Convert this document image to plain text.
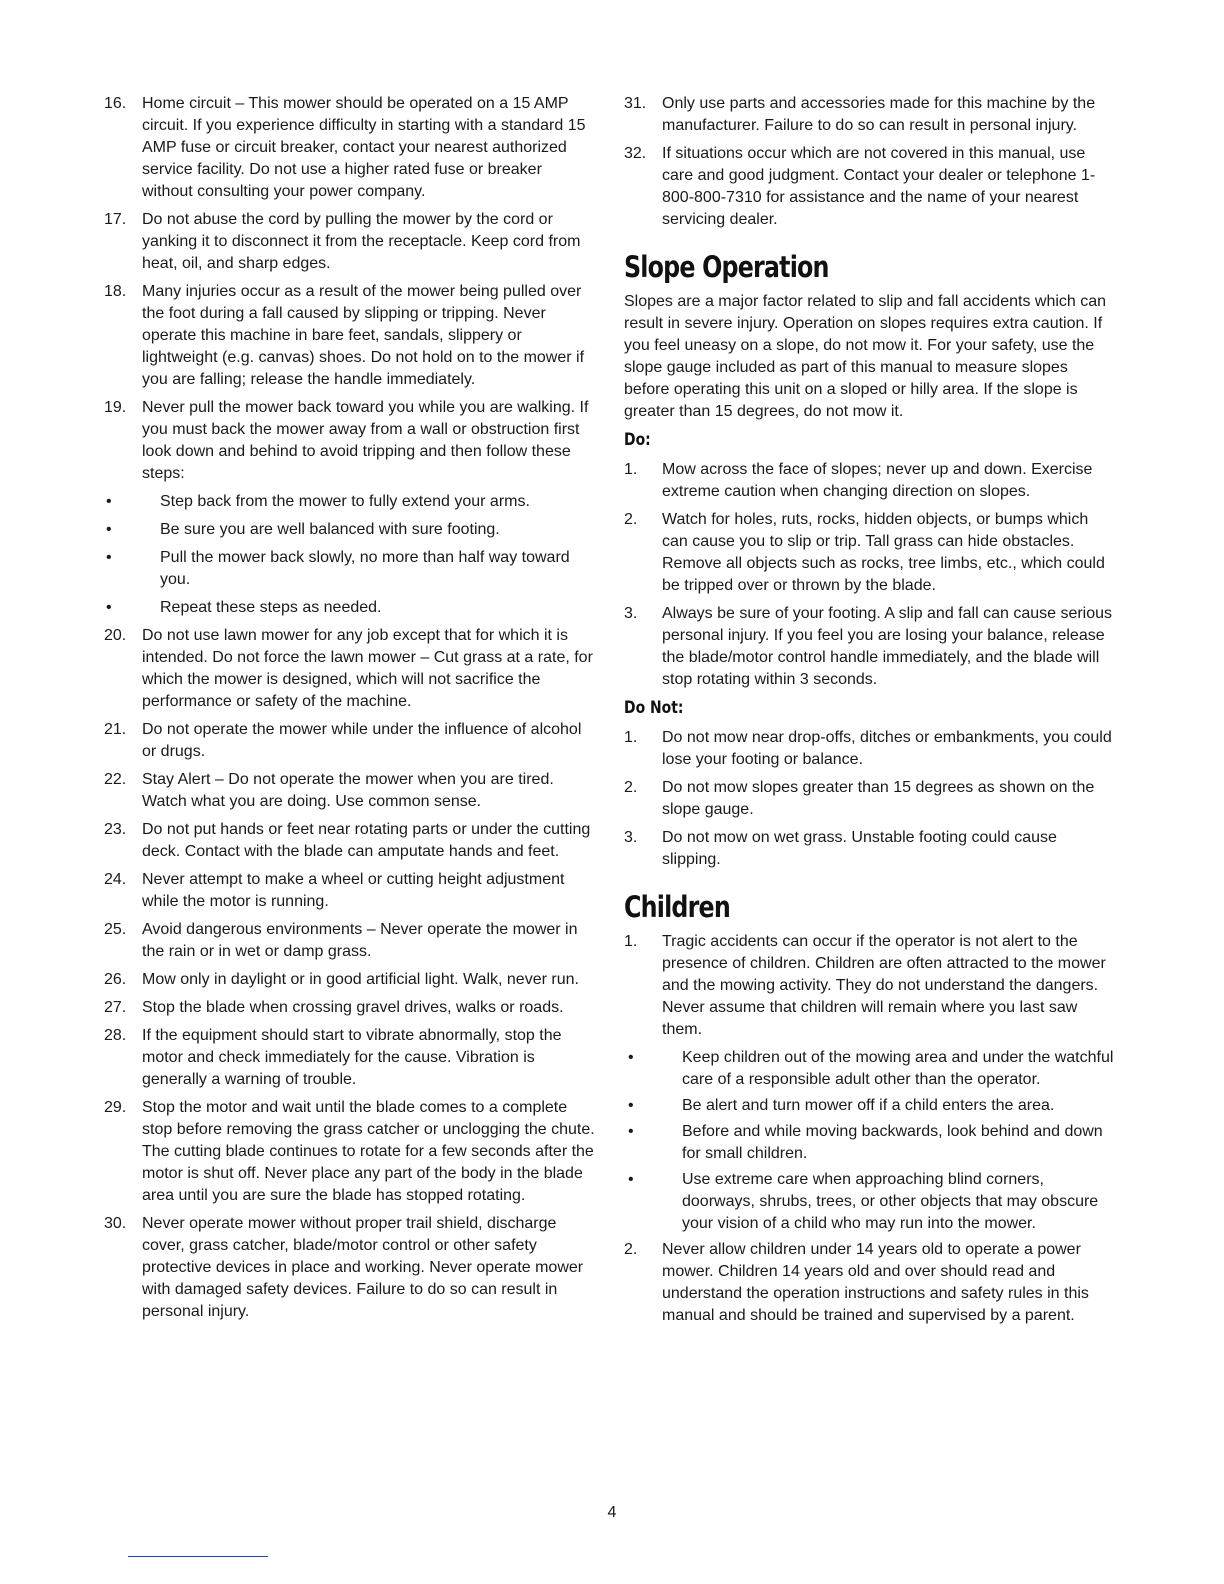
16. Home circuit – This mower should be operated on a 15 AMP circuit. If you experience difficulty in starting with a standard 15 AMP fuse or circuit breaker, contact your nearest authorized service facility. Do not use a higher rated fuse or breaker without consulting your power company.
17. Do not abuse the cord by pulling the mower by the cord or yanking it to disconnect it from the receptacle. Keep cord from heat, oil, and sharp edges.
18. Many injuries occur as a result of the mower being pulled over the foot during a fall caused by slipping or tripping. Never operate this machine in bare feet, sandals, slippery or lightweight (e.g. canvas) shoes. Do not hold on to the mower if you are falling; release the handle immediately.
19. Never pull the mower back toward you while you are walking. If you must back the mower away from a wall or obstruction first look down and behind to avoid tripping and then follow these steps:
•	Step back from the mower to fully extend your arms.
•	Be sure you are well balanced with sure footing.
•	Pull the mower back slowly, no more than half way toward you.
•	Repeat these steps as needed.
20. Do not use lawn mower for any job except that for which it is intended. Do not force the lawn mower – Cut grass at a rate, for which the mower is designed, which will not sacrifice the performance or safety of the machine.
21. Do not operate the mower while under the influence of alcohol or drugs.
22. Stay Alert – Do not operate the mower when you are tired. Watch what you are doing. Use common sense.
23. Do not put hands or feet near rotating parts or under the cutting deck. Contact with the blade can amputate hands and feet.
24. Never attempt to make a wheel or cutting height adjustment while the motor is running.
25. Avoid dangerous environments – Never operate the mower in the rain or in wet or damp grass.
26. Mow only in daylight or in good artificial light. Walk, never run.
27. Stop the blade when crossing gravel drives, walks or roads.
28. If the equipment should start to vibrate abnormally, stop the motor and check immediately for the cause. Vibration is generally a warning of trouble.
29. Stop the motor and wait until the blade comes to a complete stop before removing the grass catcher or unclogging the chute. The cutting blade continues to rotate for a few seconds after the motor is shut off. Never place any part of the body in the blade area until you are sure the blade has stopped rotating.
30. Never operate mower without proper trail shield, discharge cover, grass catcher, blade/motor control or other safety protective devices in place and working. Never operate mower with damaged safety devices. Failure to do so can result in personal injury.
31. Only use parts and accessories made for this machine by the manufacturer. Failure to do so can result in personal injury.
32. If situations occur which are not covered in this manual, use care and good judgment. Contact your dealer or telephone 1-800-800-7310 for assistance and the name of your nearest servicing dealer.
Slope Operation

Slopes are a major factor related to slip and fall accidents which can result in severe injury. Operation on slopes requires extra caution. If you feel uneasy on a slope, do not mow it. For your safety, use the slope gauge included as part of this manual to measure slopes before operating this unit on a sloped or hilly area. If the slope is greater than 15 degrees, do not mow it.

Do:
1.	Mow across the face of slopes; never up and down. Exercise extreme caution when changing direction on slopes.
2.	Watch for holes, ruts, rocks, hidden objects, or bumps which can cause you to slip or trip. Tall grass can hide obstacles. Remove all objects such as rocks, tree limbs, etc., which could be tripped over or thrown by the blade.
3.	Always be sure of your footing. A slip and fall can cause serious personal injury. If you feel you are losing your balance, release the blade/motor control handle immediately, and the blade will stop rotating within 3 seconds.
Do Not:
1.	Do not mow near drop-offs, ditches or embankments, you could lose your footing or balance.
2.	Do not mow slopes greater than 15 degrees as shown on the slope gauge.
3.	Do not mow on wet grass. Unstable footing could cause slipping.
Children
1.	Tragic accidents can occur if the operator is not alert to the presence of children. Children are often attracted to the mower and the mowing activity. They do not understand the dangers. Never assume that children will remain where you last saw them.
•	Keep children out of the mowing area and under the watchful care of a responsible adult other than the operator.
•	Be alert and turn mower off if a child enters the area.
•	Before and while moving backwards, look behind and down for small children.
•	Use extreme care when approaching blind corners, doorways, shrubs, trees, or other objects that may obscure your vision of a child who may run into the mower.
2.	Never allow children under 14 years old to operate a power mower. Children 14 years old and over should read and understand the operation instructions and safety rules in this manual and should be trained and supervised by a parent.
4
